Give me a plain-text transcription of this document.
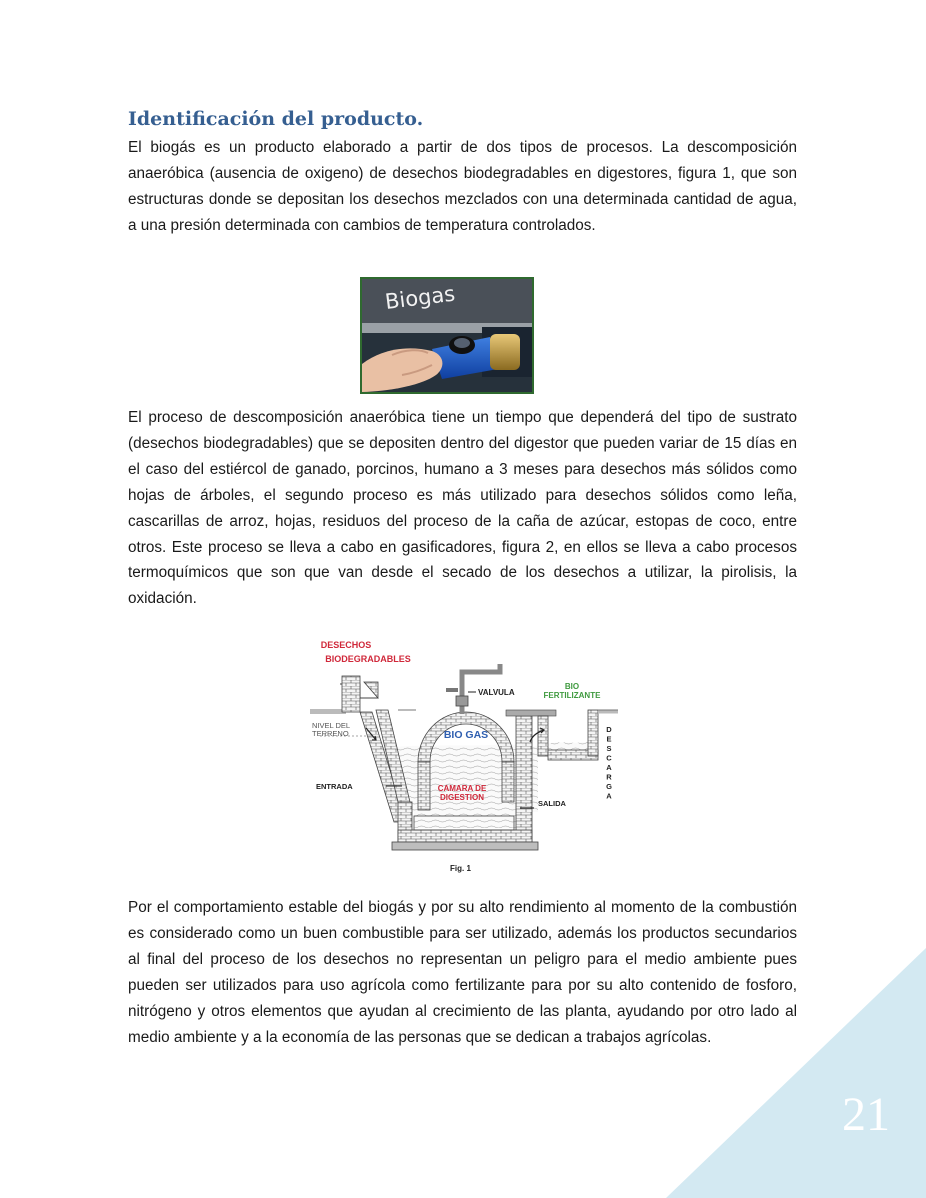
Identificación del producto.

El biogás es un producto elaborado a partir de dos tipos de procesos. La descomposición anaeróbica (ausencia de oxigeno) de desechos biodegradables en digestores, figura 1, que son estructuras donde se depositan los desechos mezclados con una determinada cantidad de agua, a una presión determinada con cambios de temperatura controlados.

Biogas

El proceso de descomposición anaeróbica tiene un tiempo que dependerá del tipo de sustrato (desechos biodegradables) que se depositen dentro del digestor que pueden variar de 15 días en el caso del estiércol de ganado, porcinos, humano a 3 meses para desechos más sólidos como hojas de árboles, el segundo proceso es más utilizado para desechos sólidos como leña, cascarillas de arroz, hojas, residuos del proceso de la caña de azúcar, estopas de coco, entre otros. Este proceso se lleva a cabo en gasificadores, figura 2, en ellos se lleva a cabo procesos termoquímicos que son que van desde el secado de los desechos a utilizar, la pirolisis, la oxidación.

DESECHOS
BIODEGRADABLES
VALVULA
BIO
FERTILIZANTE
NIVEL DEL
TERRENO
ENTRADA
BIO GAS
CAMARA DE
DIGESTION
SALIDA
D
E
S
C
A
R
G
A
Fig. 1

Por el comportamiento estable del biogás y por su alto rendimiento al momento de la combustión es considerado como un buen combustible para ser utilizado, además los productos secundarios al final del proceso de los desechos no representan un peligro para el medio ambiente pues pueden ser utilizados para uso agrícola como fertilizante para por su alto contenido de fosforo, nitrógeno y otros elementos que ayudan al crecimiento de las planta, ayudando por otro lado al medio ambiente y a la economía de las personas que se dedican a trabajos agrícolas.

21
